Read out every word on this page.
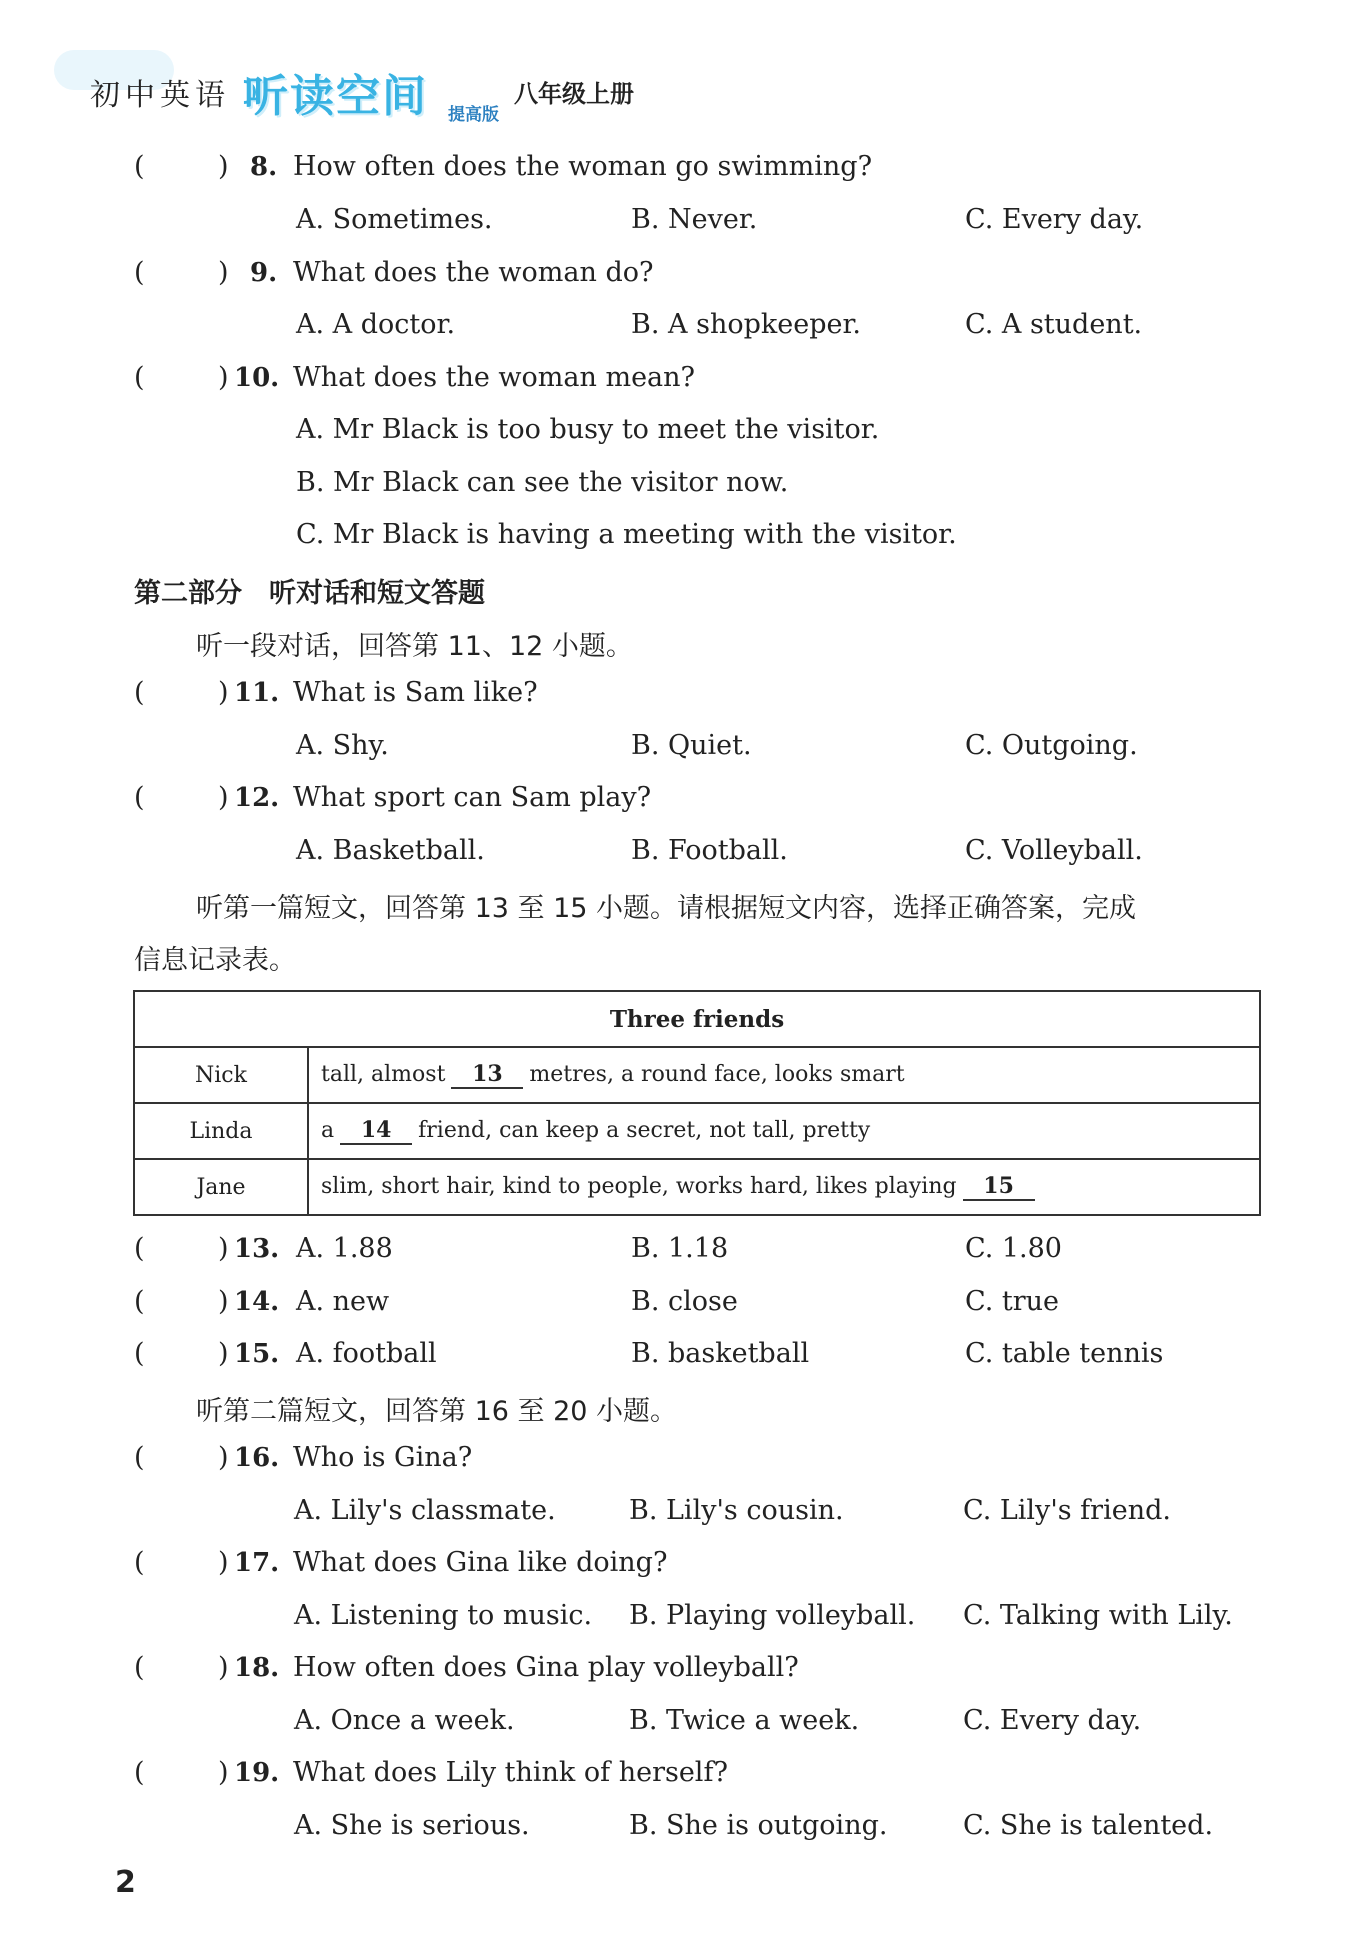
初中英语 听读空间 提高版
八年级上册
(	) 8. How often does the woman go swimming?
A. Sometimes.	B. Never.	C. Every day.
(	) 9. What does the woman do?
A. A doctor.	B. A shopkeeper.	C. A student.
(	) 10. What does the woman mean?
A. Mr Black is too busy to meet the visitor.
B. Mr Black can see the visitor now.
C. Mr Black is having a meeting with the visitor.
第二部分　听对话和短文答题
听一段对话，回答第 11、12 小题。
(	) 11. What is Sam like?
A. Shy.	B. Quiet.	C. Outgoing.
(	) 12. What sport can Sam play?
A. Basketball.	B. Football.	C. Volleyball.
听第一篇短文，回答第 13 至 15 小题。请根据短文内容，选择正确答案，完成
信息记录表。
Three friends	
Nick	tall, almost 13 metres, a round face, looks smart
Linda	a 14 friend, can keep a secret, not tall, pretty
Jane	slim, short hair, kind to people, works hard, likes playing 15
(	) 13. A. 1.88	B. 1.18	C. 1.80
(	) 14. A. new	B. close	C. true
(	) 15. A. football	B. basketball	C. table tennis
听第二篇短文，回答第 16 至 20 小题。
(	) 16. Who is Gina?
A. Lily's classmate.	B. Lily's cousin.	C. Lily's friend.
(	) 17. What does Gina like doing?
A. Listening to music. B. Playing volleyball. C. Talking with Lily.
(	) 18. How often does Gina play volleyball?
A. Once a week.	B. Twice a week.	C. Every day.
(	) 19. What does Lily think of herself?
A. She is serious.	B. She is outgoing.	C. She is talented.
2
